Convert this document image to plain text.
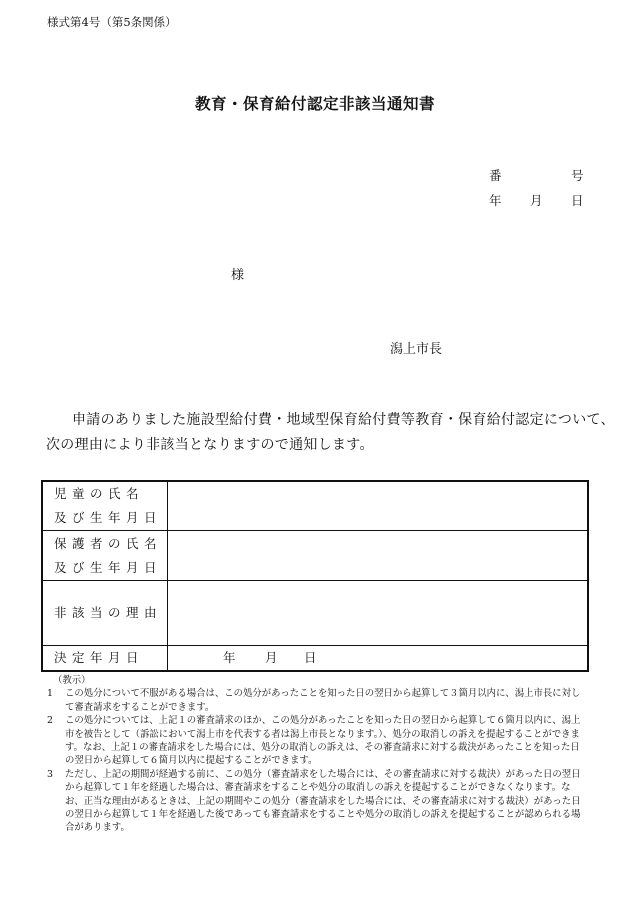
様式第4号（第5条関係）
教育・保育給付認定非該当通知書
番	号
年 月 日
様
潟上市長
申請のありました施設型給付費・地域型保育給付費等教育・保育給付認定について、
次の理由により非該当となりますので通知します。
児童の氏名
及び生年月日	

保護者の氏名
及び生年月日	

非該当の理由	
決定年月日	年 月 日
（教示）
1 この処分について不服がある場合は、この処分があったことを知った日の翌日から起算して３箇月以内に、潟上市長に対して審査請求をすることができます。
2 この処分については、上記１の審査請求のほか、この処分があったことを知った日の翌日から起算して６箇月以内に、潟上市を被告として（訴訟において潟上市を代表する者は潟上市長となります。）、処分の取消しの訴えを提起することができます。なお、上記１の審査請求をした場合には、処分の取消しの訴えは、その審査請求に対する裁決があったことを知った日の翌日から起算して６箇月以内に提起することができます。
3 ただし、上記の期間が経過する前に、この処分（審査請求をした場合には、その審査請求に対する裁決）があった日の翌日から起算して１年を経過した場合は、審査請求をすることや処分の取消しの訴えを提起することができなくなります。なお、正当な理由があるときは、上記の期間やこの処分（審査請求をした場合には、その審査請求に対する裁決）があった日の翌日から起算して１年を経過した後であっても審査請求をすることや処分の取消しの訴えを提起することが認められる場合があります。
